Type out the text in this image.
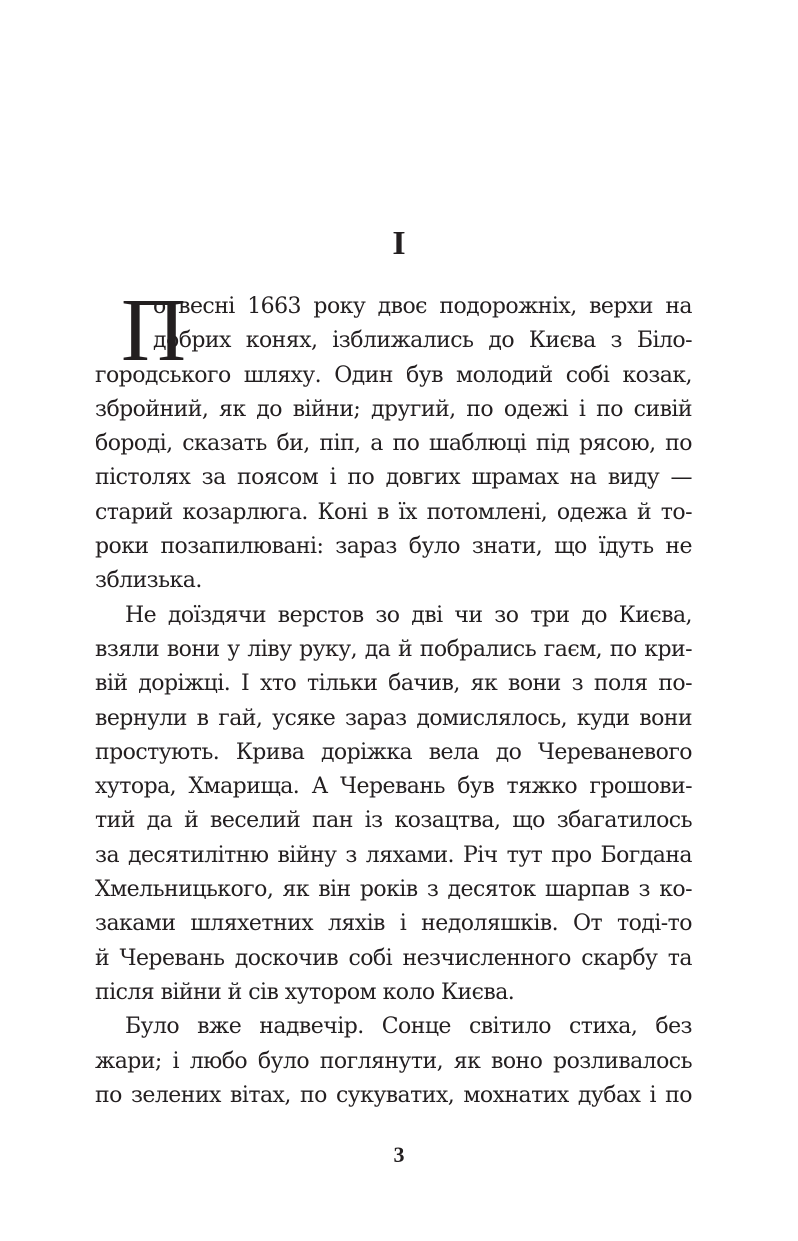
I
П
о весні 1663 року двоє подорожніх, верхи на
добрих конях, ізближались до Києва з Біло-
городського шляху. Один був молодий собі козак,
збройний, як до війни; другий, по одежі і по сивій
бороді, сказать би, піп, а по шаблюці під рясою, по
пістолях за поясом і по довгих шрамах на виду —
старий козарлюга. Коні в їх потомлені, одежа й то-
роки позапилювані: зараз було знати, що їдуть не
зблизька.
Не доїздячи верстов зо дві чи зо три до Києва,
взяли вони у ліву руку, да й побрались гаєм, по кри-
вій доріжці. І хто тільки бачив, як вони з поля по-
вернули в гай, усяке зараз домислялось, куди вони
простують. Крива доріжка вела до Череваневого
хутора, Хмарища. А Черевань був тяжко грошови-
тий да й веселий пан із козацтва, що збагатилось
за десятилітню війну з ляхами. Річ тут про Богдана
Хмельницького, як він років з десяток шарпав з ко-
заками шляхетних ляхів і недоляшків. От тоді-то
й Черевань доскочив собі незчисленного скарбу та
після війни й сів хутором коло Києва.
Було вже надвечір. Сонце світило стиха, без
жари; і любо було поглянути, як воно розливалось
по зелених вітах, по сукуватих, мохнатих дубах і по
3
